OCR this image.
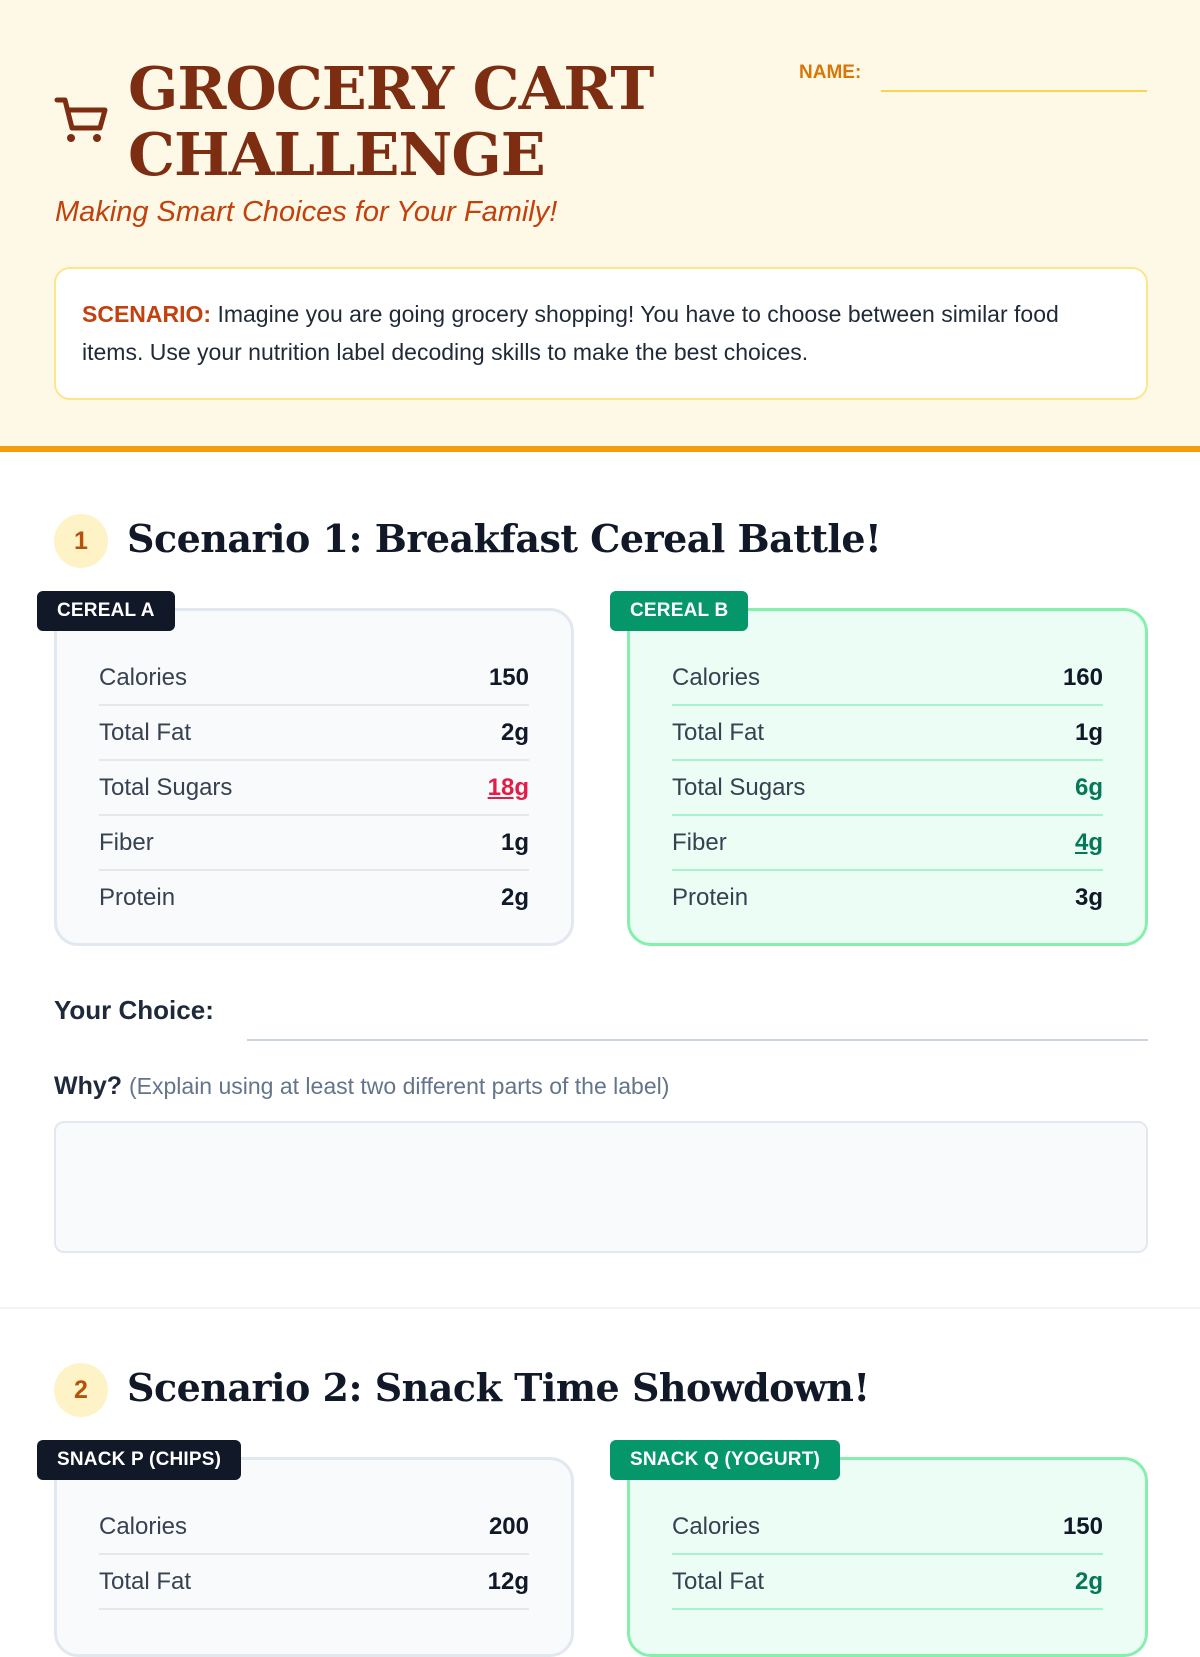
GROCERY CART CHALLENGE
Making Smart Choices for Your Family!
NAME:
SCENARIO: Imagine you are going grocery shopping! You have to choose between similar food items. Use your nutrition label decoding skills to make the best choices.
1	Scenario 1: Breakfast Cereal Battle!
CEREAL A
Calories	150
Total Fat	2g
Total Sugars	18g
Fiber	1g
Protein	2g
CEREAL B
Calories	160
Total Fat	1g
Total Sugars	6g
Fiber	4g
Protein	3g
Your Choice:
Why? (Explain using at least two different parts of the label)
2	Scenario 2: Snack Time Showdown!
SNACK P (CHIPS)
Calories	200
Total Fat	12g
SNACK Q (YOGURT)
Calories	150
Total Fat	2g
